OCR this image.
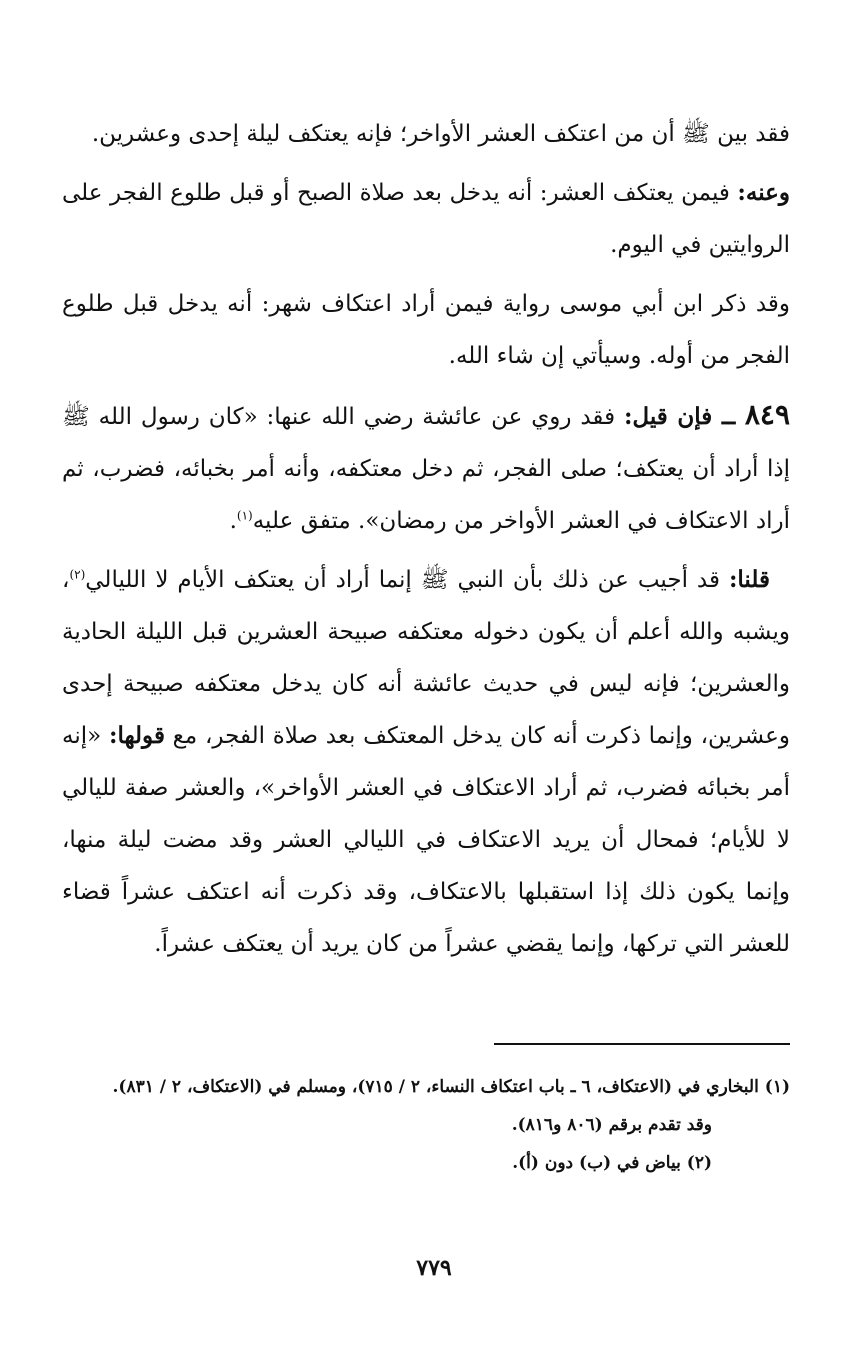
فقد بين ﷺ أن من اعتكف العشر الأواخر؛ فإنه يعتكف ليلة إحدى وعشرين.

وعنه: فيمن يعتكف العشر: أنه يدخل بعد صلاة الصبح أو قبل طلوع الفجر على الروايتين في اليوم.

وقد ذكر ابن أبي موسى رواية فيمن أراد اعتكاف شهر: أنه يدخل قبل طلوع الفجر من أوله. وسيأتي إن شاء الله.

٨٤٩ ــ فإن قيل: فقد روي عن عائشة رضي الله عنها: «كان رسول الله ﷺ إذا أراد أن يعتكف؛ صلى الفجر، ثم دخل معتكفه، وأنه أمر بخبائه، فضرب، ثم أراد الاعتكاف في العشر الأواخر من رمضان». متفق عليه$^{(١)}$.

قلنا: قد أجيب عن ذلك بأن النبي ﷺ إنما أراد أن يعتكف الأيام لا الليالي$^{(٢)}$، ويشبه والله أعلم أن يكون دخوله معتكفه صبيحة العشرين قبل الليلة الحادية والعشرين؛ فإنه ليس في حديث عائشة أنه كان يدخل معتكفه صبيحة إحدى وعشرين، وإنما ذكرت أنه كان يدخل المعتكف بعد صلاة الفجر، مع قولها: «إنه أمر بخبائه فضرب، ثم أراد الاعتكاف في العشر الأواخر»، والعشر صفة لليالي لا للأيام؛ فمحال أن يريد الاعتكاف في الليالي العشر وقد مضت ليلة منها، وإنما يكون ذلك إذا استقبلها بالاعتكاف، وقد ذكرت أنه اعتكف عشراً قضاء للعشر التي تركها، وإنما يقضي عشراً من كان يريد أن يعتكف عشراً.

(١) البخاري في (الاعتكاف، ٦ ـ باب اعتكاف النساء، ٢ / ٧١٥)، ومسلم في (الاعتكاف، ٢ / ٨٣١).

وقد تقدم برقم (٨٠٦ و٨١٦).

(٢) بياض في (ب) دون (أ).

٧٧٩
